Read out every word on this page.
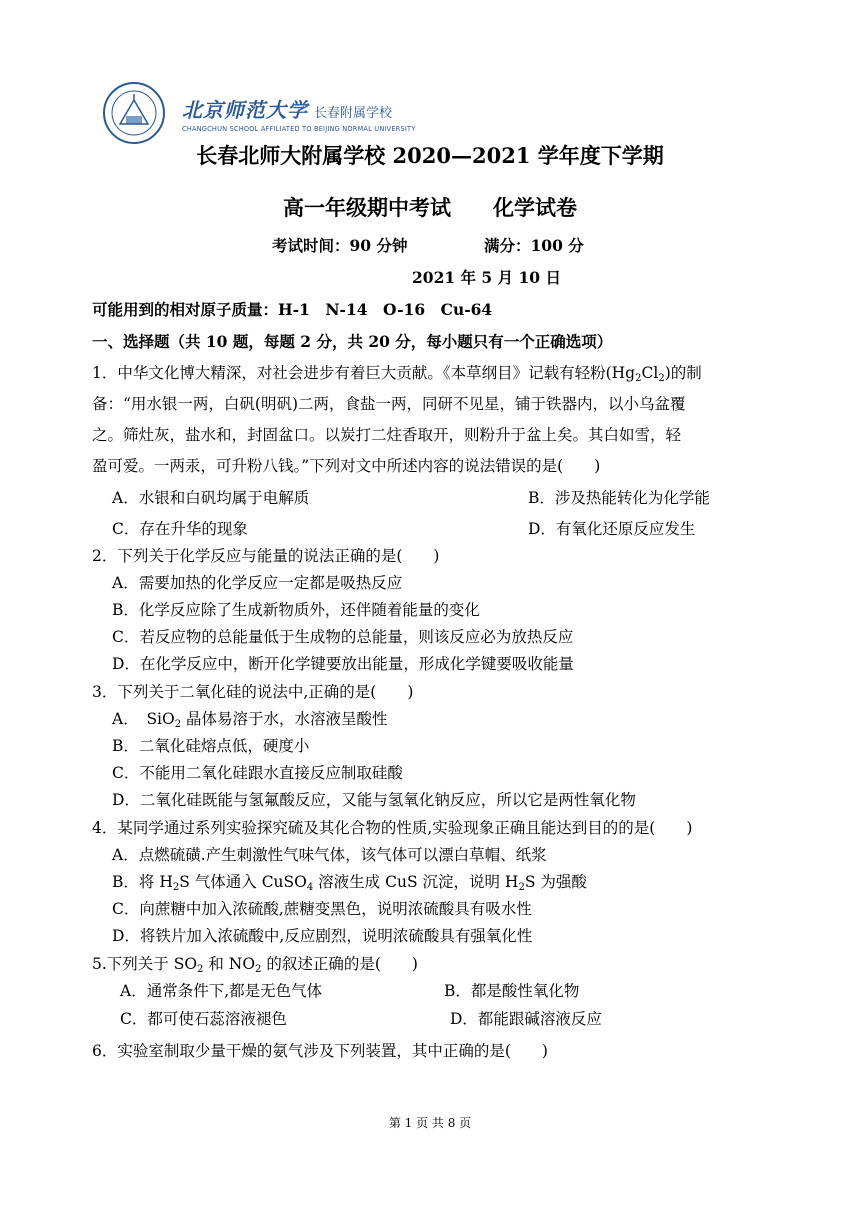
北京师范大学 长春附属学校
CHANGCHUN SCHOOL AFFILIATED TO BEIJING NORMAL UNIVERSITY
长春北师大附属学校 2020—2021 学年度下学期
高一年级期中考试　　化学试卷
考试时间：90 分钟	满分：100 分
2021 年 5 月 10 日
可能用到的相对原子质量：H-1　N-14　O-16　Cu-64
一、选择题（共 10 题，每题 2 分，共 20 分，每小题只有一个正确选项）
1．中华文化博大精深，对社会进步有着巨大贡献。《本草纲目》记载有轻粉$(Hg_2Cl_2)$的制
备：“用水银一两，白矾(明矾)二两，食盐一两，同研不见星，铺于铁器内，以小乌盆覆
之。筛灶灰，盐水和，封固盆口。以炭打二炷香取开，则粉升于盆上矣。其白如雪，轻
盈可爱。一两汞，可升粉八钱。”下列对文中所述内容的说法错误的是(　　)
A．水银和白矾均属于电解质	B．涉及热能转化为化学能
C．存在升华的现象	D．有氧化还原反应发生
2．下列关于化学反应与能量的说法正确的是(　　)
A．需要加热的化学反应一定都是吸热反应
B．化学反应除了生成新物质外，还伴随着能量的变化
C．若反应物的总能量低于生成物的总能量，则该反应必为放热反应
D．在化学反应中，断开化学键要放出能量，形成化学键要吸收能量
3．下列关于二氧化硅的说法中,正确的是(　　)
A．　SiO$_2$ 晶体易溶于水，水溶液呈酸性
B．二氧化硅熔点低，硬度小
C．不能用二氧化硅跟水直接反应制取硅酸
D．二氧化硅既能与氢氟酸反应，又能与氢氧化钠反应，所以它是两性氧化物
4．某同学通过系列实验探究硫及其化合物的性质,实验现象正确且能达到目的的是(　　)
A．点燃硫磺.产生刺激性气味气体，该气体可以漂白草帽、纸浆
B．将 $H_2S$ 气体通入 CuSO$_4$ 溶液生成 CuS 沉淀，说明 $H_2S$ 为强酸
C．向蔗糖中加入浓硫酸,蔗糖变黑色，说明浓硫酸具有吸水性
D．将铁片加入浓硫酸中,反应剧烈，说明浓硫酸具有强氧化性
5.下列关于 $SO_2$ 和 $NO_2$ 的叙述正确的是(　　)
A．通常条件下,都是无色气体	B．都是酸性氧化物
C．都可使石蕊溶液褪色	D．都能跟碱溶液反应
6．实验室制取少量干燥的氨气涉及下列装置，其中正确的是(　　)
第 1 页 共 8 页
